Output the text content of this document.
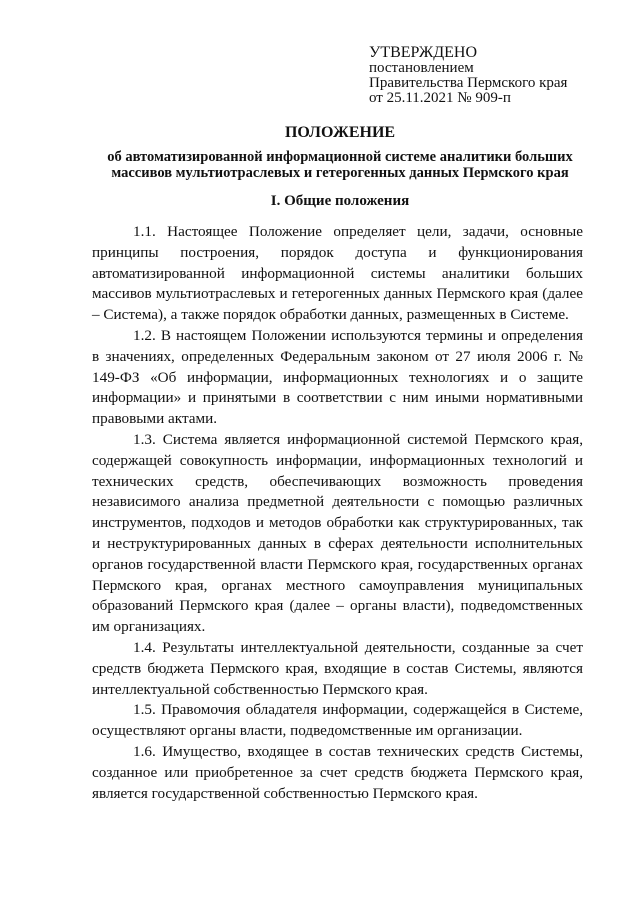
УТВЕРЖДЕНО
постановлением
Правительства Пермского края
от 25.11.2021 № 909-п
ПОЛОЖЕНИЕ
об автоматизированной информационной системе аналитики больших
массивов мультиотраслевых и гетерогенных данных Пермского края
I. Общие положения

1.1. Настоящее Положение определяет цели, задачи, основные принципы построения, порядок доступа и функционирования автоматизированной информационной системы аналитики больших массивов мультиотраслевых и гетерогенных данных Пермского края (далее – Система), а также порядок обработки данных, размещенных в Системе.

1.2. В настоящем Положении используются термины и определения в значениях, определенных Федеральным законом от 27 июля 2006 г. № 149-ФЗ «Об информации, информационных технологиях и о защите информации» и принятыми в соответствии с ним иными нормативными правовыми актами.

1.3. Система является информационной системой Пермского края, содержащей совокупность информации, информационных технологий и технических средств, обеспечивающих возможность проведения независимого анализа предметной деятельности с помощью различных инструментов, подходов и методов обработки как структурированных, так и неструктурированных данных в сферах деятельности исполнительных органов государственной власти Пермского края, государственных органах Пермского края, органах местного самоуправления муниципальных образований Пермского края (далее – органы власти), подведомственных им организациях.

1.4. Результаты интеллектуальной деятельности, созданные за счет средств бюджета Пермского края, входящие в состав Системы, являются интеллектуальной собственностью Пермского края.

1.5. Правомочия обладателя информации, содержащейся в Системе, осуществляют органы власти, подведомственные им организации.

1.6. Имущество, входящее в состав технических средств Системы, созданное или приобретенное за счет средств бюджета Пермского края, является государственной собственностью Пермского края.
